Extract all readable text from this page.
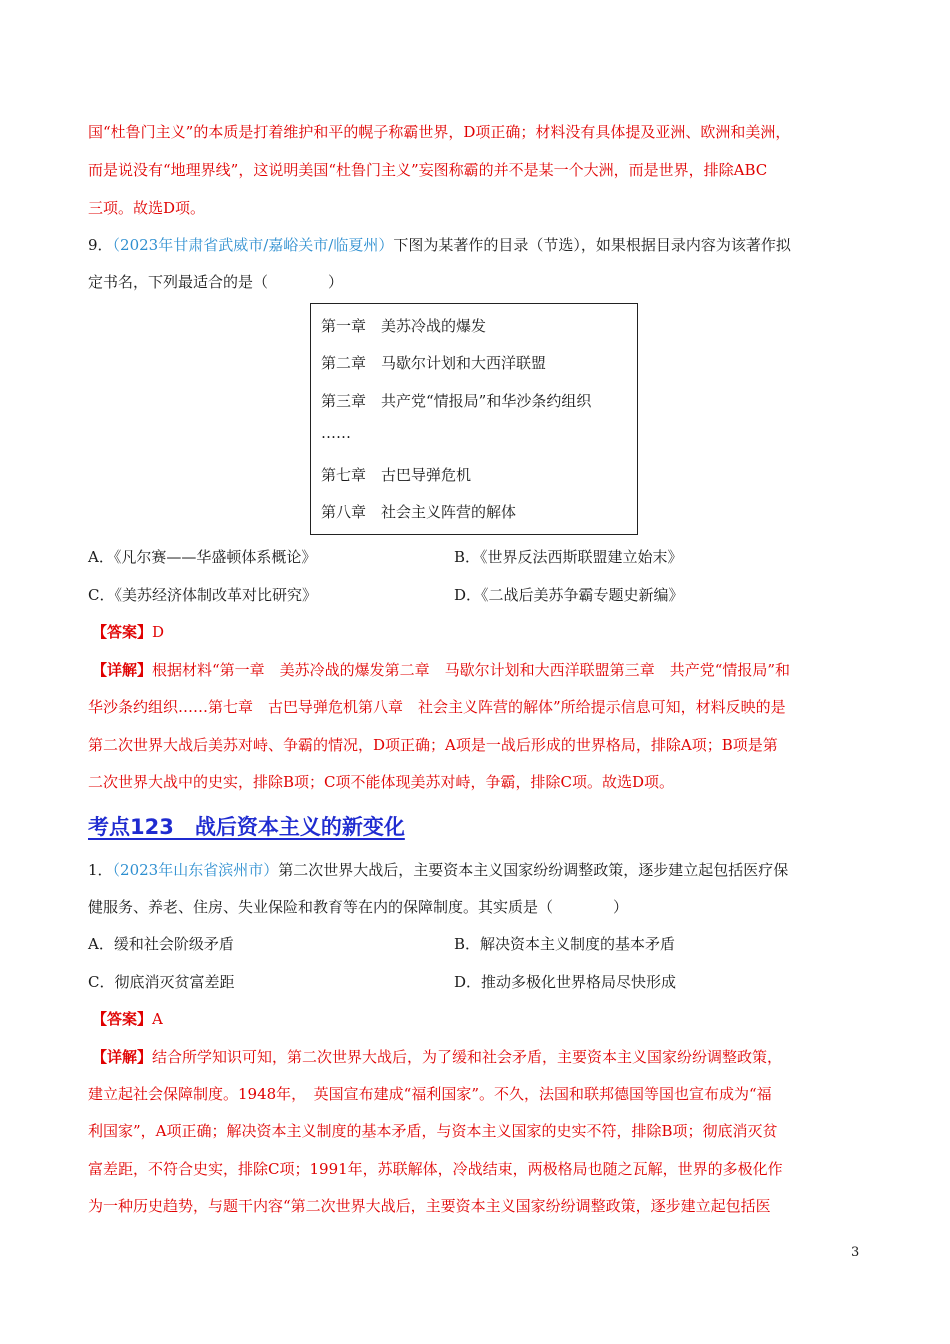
国“杜鲁门主义”的本质是打着维护和平的幌子称霸世界，D项正确；材料没有具体提及亚洲、欧洲和美洲，
而是说没有“地理界线”，这说明美国“杜鲁门主义”妄图称霸的并不是某一个大洲，而是世界，排除ABC
三项。故选D项。
9．（2023年甘肃省武威市/嘉峪关市/临夏州）下图为某著作的目录（节选），如果根据目录内容为该著作拟
定书名，下列最适合的是（　　　　）
第一章　美苏冷战的爆发
第二章　马歇尔计划和大西洋联盟
第三章　共产党“情报局”和华沙条约组织
……
第七章　古巴导弹危机
第八章　社会主义阵营的解体
A．《凡尔赛——华盛顿体系概论》	B．《世界反法西斯联盟建立始末》
C．《美苏经济体制改革对比研究》	D．《二战后美苏争霸专题史新编》
【答案】D
【详解】根据材料“第一章　美苏冷战的爆发第二章　马歇尔计划和大西洋联盟第三章　共产党“情报局”和
华沙条约组织……第七章　古巴导弹危机第八章　社会主义阵营的解体”所给提示信息可知，材料反映的是
第二次世界大战后美苏对峙、争霸的情况，D项正确；A项是一战后形成的世界格局，排除A项；B项是第
二次世界大战中的史实，排除B项；C项不能体现美苏对峙，争霸，排除C项。故选D项。
考点123　战后资本主义的新变化
1．（2023年山东省滨州市）第二次世界大战后，主要资本主义国家纷纷调整政策，逐步建立起包括医疗保
健服务、养老、住房、失业保险和教育等在内的保障制度。其实质是（　　　　）
A．缓和社会阶级矛盾	B．解决资本主义制度的基本矛盾
C．彻底消灭贫富差距	D．推动多极化世界格局尽快形成
【答案】A
【详解】结合所学知识可知，第二次世界大战后，为了缓和社会矛盾，主要资本主义国家纷纷调整政策，
建立起社会保障制度。1948年，　英国宣布建成“福利国家”。不久，法国和联邦德国等国也宣布成为“福
利国家”，A项正确；解决资本主义制度的基本矛盾，与资本主义国家的史实不符，排除B项；彻底消灭贫
富差距，不符合史实，排除C项；1991年，苏联解体，冷战结束，两极格局也随之瓦解，世界的多极化作
为一种历史趋势，与题干内容“第二次世界大战后，主要资本主义国家纷纷调整政策，逐步建立起包括医
3
